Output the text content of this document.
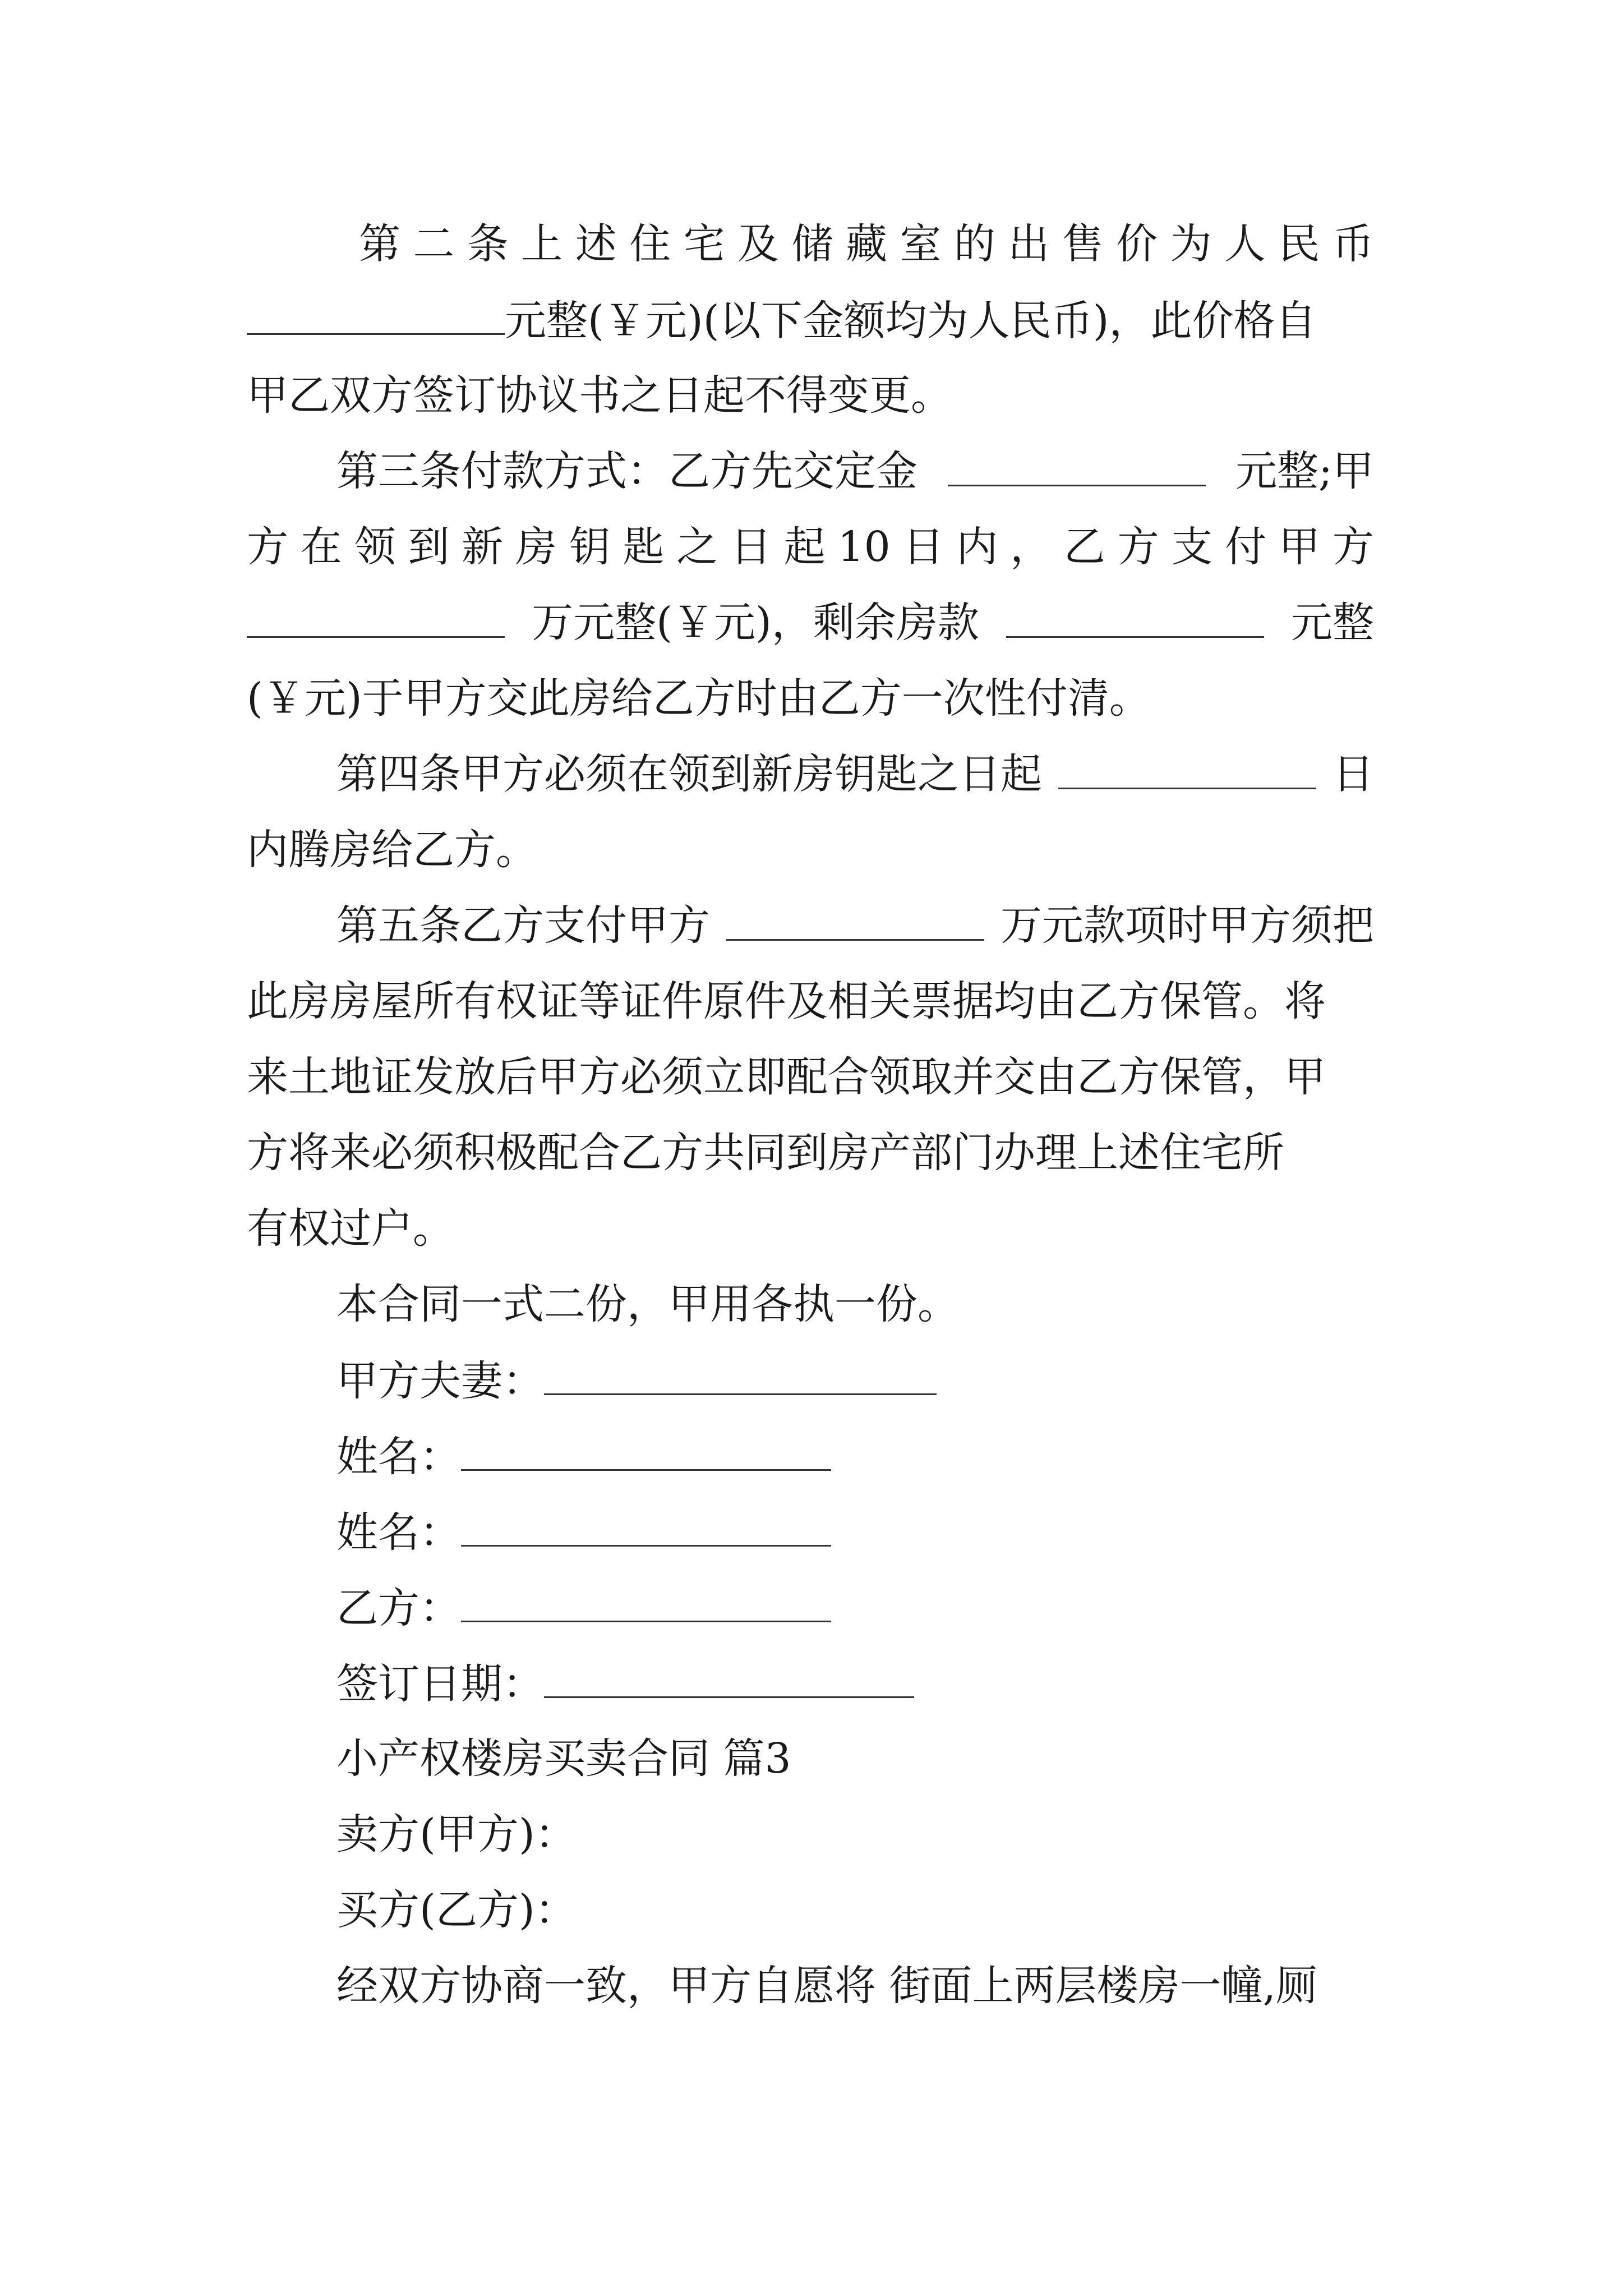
第 二 条 上 述 住 宅 及 储 藏 室 的 出 售 价 为 人 民 币
元整(￥元)(以下金额均为人民币)，此价格自
甲乙双方签订协议书之日起不得变更。
第三条付款方式：乙方先交定金	元整;甲
方 在 领 到 新 房 钥 匙 之 日 起 10 日 内 ， 乙 方 支 付 甲 方
万元整(￥元)，剩余房款	元整
(￥元)于甲方交此房给乙方时由乙方一次性付清。
第四条甲方必须在领到新房钥匙之日起	日
内腾房给乙方。
第五条乙方支付甲方	万元款项时甲方须把
此房房屋所有权证等证件原件及相关票据均由乙方保管。将
来土地证发放后甲方必须立即配合领取并交由乙方保管，甲
方将来必须积极配合乙方共同到房产部门办理上述住宅所
有权过户。
本合同一式二份，甲用各执一份。
甲方夫妻：
姓名：
姓名：
乙方：
签订日期：
小产权楼房买卖合同 篇3
卖方(甲方)：
买方(乙方)：
经双方协商一致，甲方自愿将 街面上两层楼房一幢,厕
